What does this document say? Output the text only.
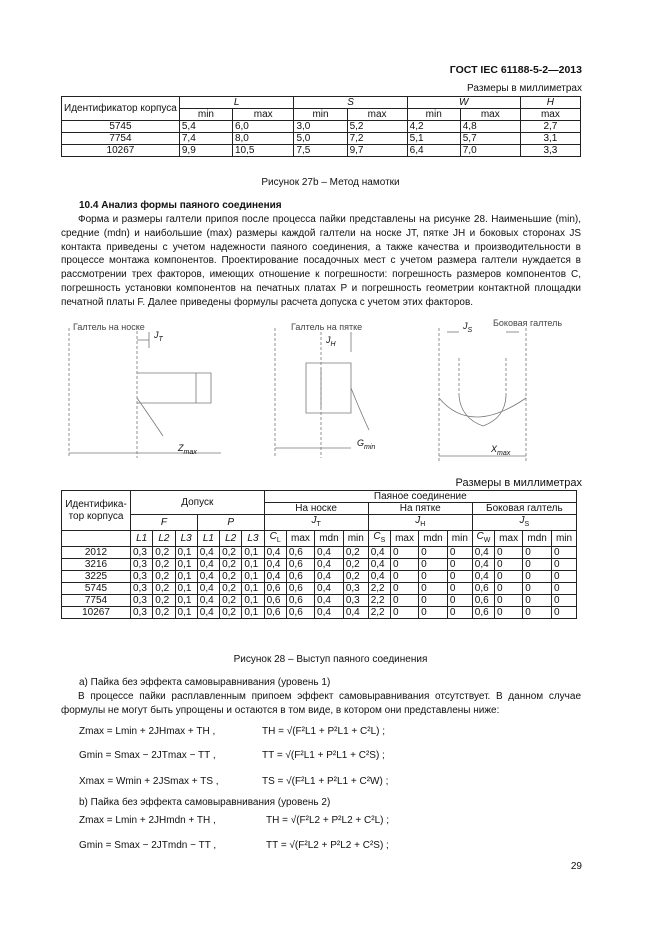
ГОСТ IEC 61188-5-2—2013
Размеры в миллиметрах
Идентификатор корпуса	L		S		W		H
	min	max	min	max	min	max	max
5745	5,4	6,0	3,0	5,2	4,2	4,8	2,7
7754	7,4	8,0	5,0	7,2	5,1	5,7	3,1
10267	9,9	10,5	7,5	9,7	6,4	7,0	3,3
Рисунок 27b – Метод намотки
10.4 Анализ формы паяного соединения

Форма и размеры галтели припоя после процесса пайки представлены на рисунке 28. Наименьшие (min), средние (mdn) и наибольшие (max) размеры каждой галтели на носке JT, пятке JH и боковых сторонах JS контакта приведены с учетом надежности паяного соединения, а также качества и производительности в процессе монтажа компонентов. Проектирование посадочных мест с учетом размера галтели нуждается в рассмотрении трех факторов, имеющих отношение к погрешности: погрешность размеров компонентов C, погрешность установки компонентов на печатных платах P и погрешность геометрии контактной площадки печатной платы F. Далее приведены формулы расчета допуска с учетом этих факторов.

Галтель на носке	Галтель на пятке	Боковая галтель
$J_T$	$J_H$
$J_S$
$Z_{max}$
$G_{min}$	$X_{max}$
Размеры в миллиметрах
Идентифика-тор корпуса	Допуск						Паяное соединение											
							На носке				На пятке				Боковая галтель			
	F			P			$J_T$				$J_H$				$J_S$
	L1	L2	L3	L1	L2	L3	$C_L$	max	mdn	min	$C_S$	max	mdn	min	$C_W$	max	mdn	min
2012	0,3	0,2	0,1	0,4	0,2	0,1	0,4	0,6	0,4	0,2	0,4	0	0	0	0,4	0	0	0
3216	0,3	0,2	0,1	0,4	0,2	0,1	0,4	0,6	0,4	0,2	0,4	0	0	0	0,4	0	0	0
3225	0,3	0,2	0,1	0,4	0,2	0,1	0,4	0,6	0,4	0,2	0,4	0	0	0	0,4	0	0	0
5745	0,3	0,2	0,1	0,4	0,2	0,1	0,6	0,6	0,4	0,3	2,2	0	0	0	0,6	0	0	0
7754	0,3	0,2	0,1	0,4	0,2	0,1	0,6	0,6	0,4	0,3	2,2	0	0	0	0,6	0	0	0
10267	0,3	0,2	0,1	0,4	0,2	0,1	0,6	0,6	0,4	0,4	2,2	0	0	0	0,6	0	0	0
Рисунок 28 – Выступ паяного соединения
a) Пайка без эффекта самовыравнивания (уровень 1)

В процессе пайки расплавленным припоем эффект самовыравнивания отсутствует. В данном случае формулы не могут быть упрощены и остаются в том виде, в котором они представлены ниже:

Zmax = Lmin + 2JHmax + TH ,	TH = √(F²L1 + P²L1 + C²L) ;
Gmin = Smax − 2JTmax − TT ,	TT = √(F²L1 + P²L1 + C²S) ;
Xmax = Wmin + 2JSmax + TS ,	TS = √(F²L1 + P²L1 + C²W) ;
b) Пайка без эффекта самовыравнивания (уровень 2)
Zmax = Lmin + 2JHmdn + TH ,	TH = √(F²L2 + P²L2 + C²L) ;
Gmin = Smax − 2JTmdn − TT ,	TT = √(F²L2 + P²L2 + C²S) ;
29
